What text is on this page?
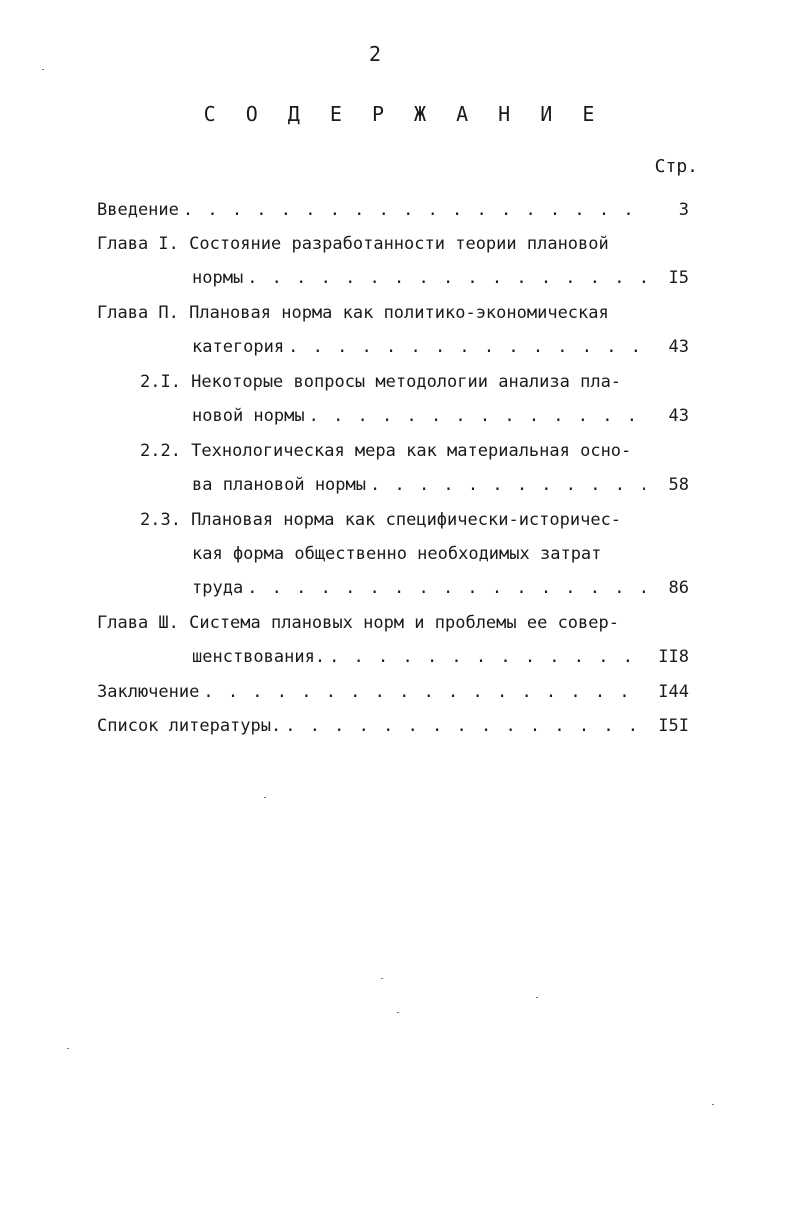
2
С О Д Е Р Ж А Н И Е
Стр.
Введение . . .	3
Глава I. Состояние разработанности теории плановой
нормы . . .	I5
Глава П. Плановая норма как политико-экономическая
категория . . .	43
2.I. Некоторые вопросы методологии анализа пла-
новой нормы . . .	43
2.2. Технологическая мера как материальная осно-
ва плановой нормы . . .	58
2.3. Плановая норма как специфически-историчес-
кая форма общественно необходимых затрат
труда . . .	86
Глава Ш. Система плановых норм и проблемы ее совер-
шенствования. . . .	II8
Заключение . . .	I44
Список литературы. . . .	I5I
